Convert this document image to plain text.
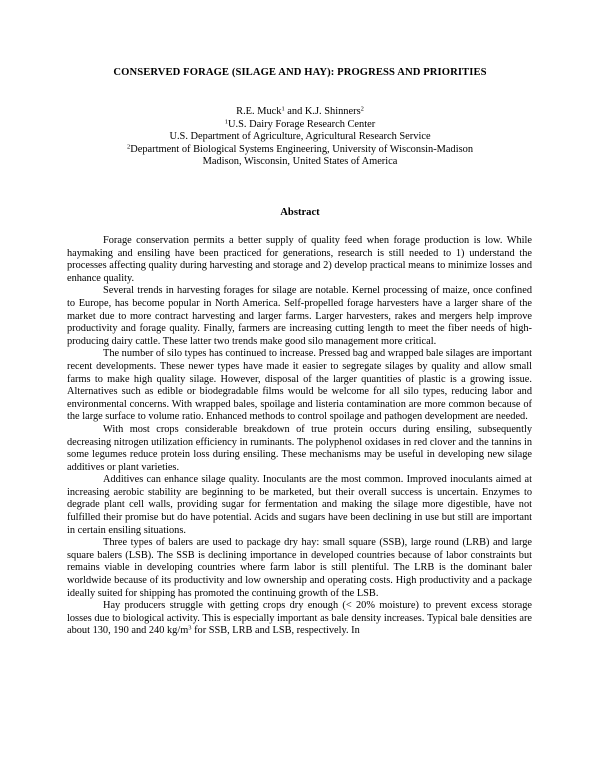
CONSERVED FORAGE (SILAGE AND HAY): PROGRESS AND PRIORITIES
R.E. Muck$^1$ and K.J. Shinners$^2$
$^1$U.S. Dairy Forage Research Center
U.S. Department of Agriculture, Agricultural Research Service
$^2$Department of Biological Systems Engineering, University of Wisconsin-Madison
Madison, Wisconsin, United States of America
Abstract

Forage conservation permits a better supply of quality feed when forage production is low. While haymaking and ensiling have been practiced for generations, research is still needed to 1) understand the processes affecting quality during harvesting and storage and 2) develop practical means to minimize losses and enhance quality.

Several trends in harvesting forages for silage are notable. Kernel processing of maize, once confined to Europe, has become popular in North America. Self-propelled forage harvesters have a larger share of the market due to more contract harvesting and larger farms. Larger harvesters, rakes and mergers help improve productivity and forage quality. Finally, farmers are increasing cutting length to meet the fiber needs of high-producing dairy cattle. These latter two trends make good silo management more critical.

The number of silo types has continued to increase. Pressed bag and wrapped bale silages are important recent developments. These newer types have made it easier to segregate silages by quality and allow small farms to make high quality silage. However, disposal of the larger quantities of plastic is a growing issue. Alternatives such as edible or biodegradable films would be welcome for all silo types, reducing labor and environmental concerns. With wrapped bales, spoilage and listeria contamination are more common because of the large surface to volume ratio. Enhanced methods to control spoilage and pathogen development are needed.

With most crops considerable breakdown of true protein occurs during ensiling, subsequently decreasing nitrogen utilization efficiency in ruminants. The polyphenol oxidases in red clover and the tannins in some legumes reduce protein loss during ensiling. These mechanisms may be useful in developing new silage additives or plant varieties.

Additives can enhance silage quality. Inoculants are the most common. Improved inoculants aimed at increasing aerobic stability are beginning to be marketed, but their overall success is uncertain. Enzymes to degrade plant cell walls, providing sugar for fermentation and making the silage more digestible, have not fulfilled their promise but do have potential. Acids and sugars have been declining in use but still are important in certain ensiling situations.

Three types of balers are used to package dry hay: small square (SSB), large round (LRB) and large square balers (LSB). The SSB is declining importance in developed countries because of labor constraints but remains viable in developing countries where farm labor is still plentiful. The LRB is the dominant baler worldwide because of its productivity and low ownership and operating costs. High productivity and a package ideally suited for shipping has promoted the continuing growth of the LSB.

Hay producers struggle with getting crops dry enough (< 20% moisture) to prevent excess storage losses due to biological activity. This is especially important as bale density increases. Typical bale densities are about 130, 190 and 240 $kg/m^3$ for SSB, LRB and LSB, respectively. In
